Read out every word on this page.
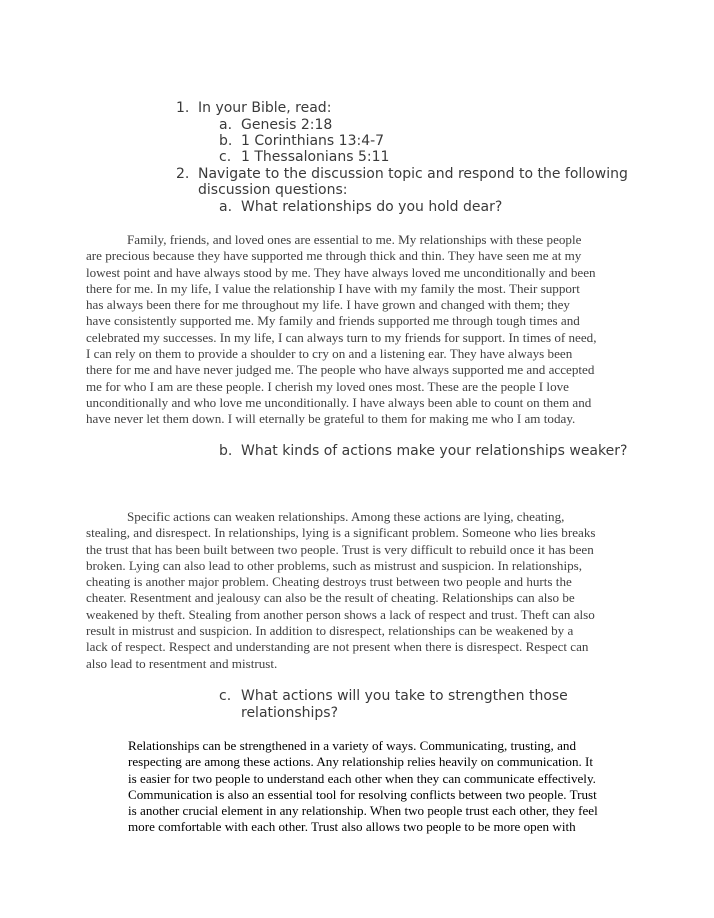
1. In your Bible, read:
a. Genesis 2:18
b. 1 Corinthians 13:4-7
c. 1 Thessalonians 5:11
2. Navigate to the discussion topic and respond to the following
discussion questions:
a. What relationships do you hold dear?
Family, friends, and loved ones are essential to me. My relationships with these people
are precious because they have supported me through thick and thin. They have seen me at my
lowest point and have always stood by me. They have always loved me unconditionally and been
there for me. In my life, I value the relationship I have with my family the most. Their support
has always been there for me throughout my life. I have grown and changed with them; they
have consistently supported me. My family and friends supported me through tough times and
celebrated my successes. In my life, I can always turn to my friends for support. In times of need,
I can rely on them to provide a shoulder to cry on and a listening ear. They have always been
there for me and have never judged me. The people who have always supported me and accepted
me for who I am are these people. I cherish my loved ones most. These are the people I love
unconditionally and who love me unconditionally. I have always been able to count on them and
have never let them down. I will eternally be grateful to them for making me who I am today.
b. What kinds of actions make your relationships weaker?
Specific actions can weaken relationships. Among these actions are lying, cheating,
stealing, and disrespect. In relationships, lying is a significant problem. Someone who lies breaks
the trust that has been built between two people. Trust is very difficult to rebuild once it has been
broken. Lying can also lead to other problems, such as mistrust and suspicion. In relationships,
cheating is another major problem. Cheating destroys trust between two people and hurts the
cheater. Resentment and jealousy can also be the result of cheating. Relationships can also be
weakened by theft. Stealing from another person shows a lack of respect and trust. Theft can also
result in mistrust and suspicion. In addition to disrespect, relationships can be weakened by a
lack of respect. Respect and understanding are not present when there is disrespect. Respect can
also lead to resentment and mistrust.
c. What actions will you take to strengthen those
relationships?
Relationships can be strengthened in a variety of ways. Communicating, trusting, and
respecting are among these actions. Any relationship relies heavily on communication. It
is easier for two people to understand each other when they can communicate effectively.
Communication is also an essential tool for resolving conflicts between two people. Trust
is another crucial element in any relationship. When two people trust each other, they feel
more comfortable with each other. Trust also allows two people to be more open with
